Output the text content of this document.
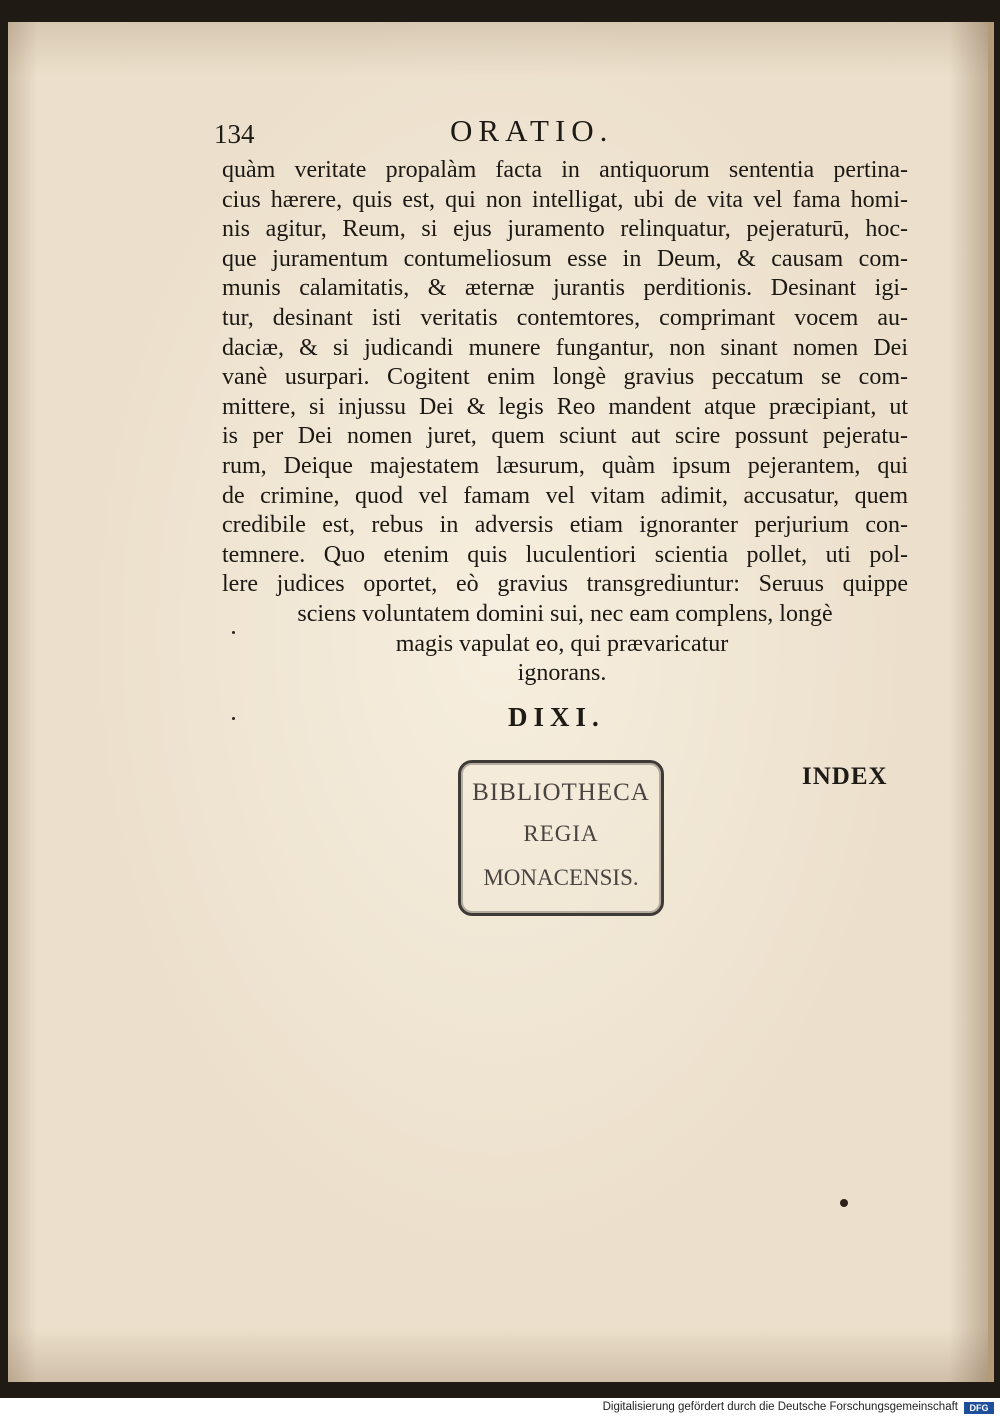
134	ORATIO.
quàm veritate propalàm facta in antiquorum sententia pertina-
cius hærere, quis est, qui non intelligat, ubi de vita vel fama homi-
nis agitur, Reum, si ejus juramento relinquatur, pejeraturū, hoc-
que juramentum contumeliosum esse in Deum, & causam com-
munis calamitatis, & æternæ jurantis perditionis. Desinant igi-
tur, desinant isti veritatis contemtores, comprimant vocem au-
daciæ, & si judicandi munere fungantur, non sinant nomen Dei
vanè usurpari. Cogitent enim longè gravius peccatum se com-
mittere, si injussu Dei & legis Reo mandent atque præcipiant, ut
is per Dei nomen juret, quem sciunt aut scire possunt pejeratu-
rum, Deique majestatem læsurum, quàm ipsum pejerantem, qui
de crimine, quod vel famam vel vitam adimit, accusatur, quem
credibile est, rebus in adversis etiam ignoranter perjurium con-
temnere. Quo etenim quis luculentiori scientia pollet, uti pol-
lere judices oportet, eò gravius transgrediuntur: Seruus quippe
sciens voluntatem domini sui, nec eam complens, longè
magis vapulat eo, qui prævaricatur
ignorans.
DIXI.
BIBLIOTHECA
REGIA
MONACENSIS.
INDEX
Digitalisierung gefördert durch die Deutsche Forschungsgemeinschaft	DFG
